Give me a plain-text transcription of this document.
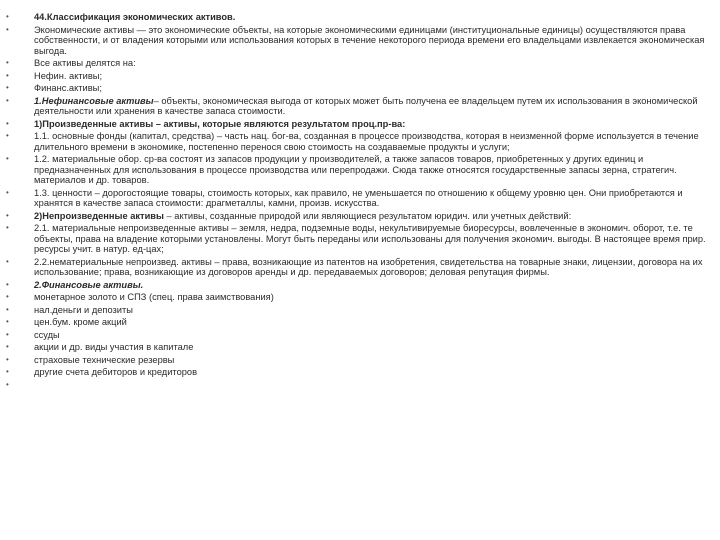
•	44.Классификация экономических активов.
•	Экономические активы — это экономические объекты, на которые экономическими единицами (институциональные единицы) осуществляются права собственности, и от владения которыми или использования которых в течение некоторого периода времени его владельцами извлекается экономическая выгода.
•	Все активы делятся на:
•	Нефин. активы;
•	Финанс.активы;
•	1.Нефинансовые активы– объекты, экономическая выгода от которых может быть получена ее владельцем путем их использования в экономической деятельности или хранения в качестве запаса стоимости.
•	1)Произведенные активы – активы, которые являются результатом проц.пр-ва:
•	1.1. основные фонды (капитал, средства) – часть нац. бог-ва, созданная в процессе производства, которая в неизменной форме используется в течение длительного времени в экономике, постепенно перенося свою стоимость на создаваемые продукты и услуги;
•	1.2. материальные обор. ср-ва состоят из запасов продукции у производителей, а также запасов товаров, приобретенных у других единиц и предназначенных для использования в процессе производства или перепродажи. Сюда также относятся государственные запасы зерна, стратегич. материалов и др. товаров.
•	1.3. ценности – дорогостоящие товары, стоимость которых, как правило, не уменьшается по отношению к общему уровню цен. Они приобретаются и хранятся в качестве запаса стоимости: драгметаллы, камни, произв. искусства.
•	2)Непроизведенные активы – активы, созданные природой или являющиеся результатом юридич. или учетных действий:
•	2.1. материальные непроизведенные активы – земля, недра, подземные воды, некультивируемые биоресурсы, вовлеченные в экономич. оборот, т.е. те объекты, права на владение которыми установлены. Могут быть переданы или использованы для получения экономич. выгоды. В настоящее время прир. ресурсы учит. в натур. ед-цах;
•	2.2.нематериальные непроизвед. активы – права, возникающие из патентов на изобретения, свидетельства на товарные знаки, лицензии, договора на их использование; права, возникающие из договоров аренды и др. передаваемых договоров; деловая репутация фирмы.
•	2.Финансовые активы.
•	монетарное золото и СПЗ (спец. права заимствования)
•	нал.деньги и депозиты
•	цен.бум. кроме акций
•	ссуды
•	акции и др. виды участия в капитале
•	страховые технические резервы
•	другие счета дебиторов и кредиторов
•
